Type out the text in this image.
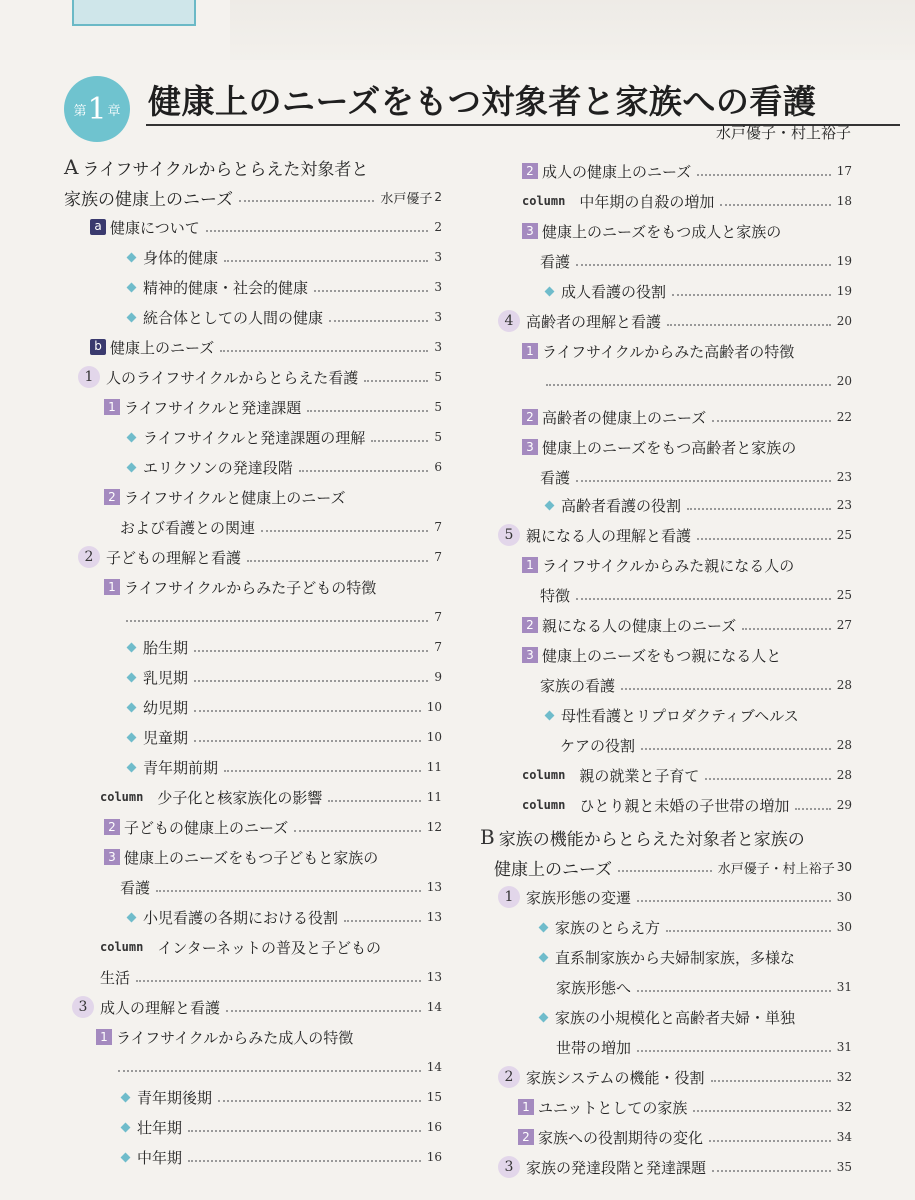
第 1 章 健康上のニーズをもつ対象者と家族への看護
水戸優子・村上裕子
A ライフサイクルからとらえた対象者と
家族の健康上のニーズ	水戸優子 2
a 健康について	2
身体的健康	3
精神的健康・社会的健康	3
統合体としての人間の健康	3
b 健康上のニーズ	3
1 人のライフサイクルからとらえた看護	5
1 ライフサイクルと発達課題	5
ライフサイクルと発達課題の理解	5
エリクソンの発達段階	6
2 ライフサイクルと健康上のニーズ
および看護との関連	7
2 子どもの理解と看護	7
1 ライフサイクルからみた子どもの特徴
7
胎生期	7
乳児期	9
幼児期	10
児童期	10
青年期前期	11
column 少子化と核家族化の影響	11
2 子どもの健康上のニーズ	12
3 健康上のニーズをもつ子どもと家族の
看護	13
小児看護の各期における役割	13
column インターネットの普及と子どもの
生活	13
3 成人の理解と看護	14
1 ライフサイクルからみた成人の特徴
14
青年期後期	15
壮年期	16
中年期	16
2 成人の健康上のニーズ	17
column 中年期の自殺の増加	18
3 健康上のニーズをもつ成人と家族の
看護	19
成人看護の役割	19
4 高齢者の理解と看護	20
1 ライフサイクルからみた高齢者の特徴
20
2 高齢者の健康上のニーズ	22
3 健康上のニーズをもつ高齢者と家族の
看護	23
高齢者看護の役割	23
5 親になる人の理解と看護	25
1 ライフサイクルからみた親になる人の
特徴	25
2 親になる人の健康上のニーズ	27
3 健康上のニーズをもつ親になる人と
家族の看護	28
母性看護とリプロダクティブヘルス
ケアの役割	28
column 親の就業と子育て	28
column ひとり親と未婚の子世帯の増加	29
B 家族の機能からとらえた対象者と家族の
健康上のニーズ	水戸優子・村上裕子 30
1 家族形態の変遷	30
家族のとらえ方	30
直系制家族から夫婦制家族，多様な
家族形態へ	31
家族の小規模化と高齢者夫婦・単独
世帯の増加	31
2 家族システムの機能・役割	32
1 ユニットとしての家族	32
2 家族への役割期待の変化	34
3 家族の発達段階と発達課題	35
